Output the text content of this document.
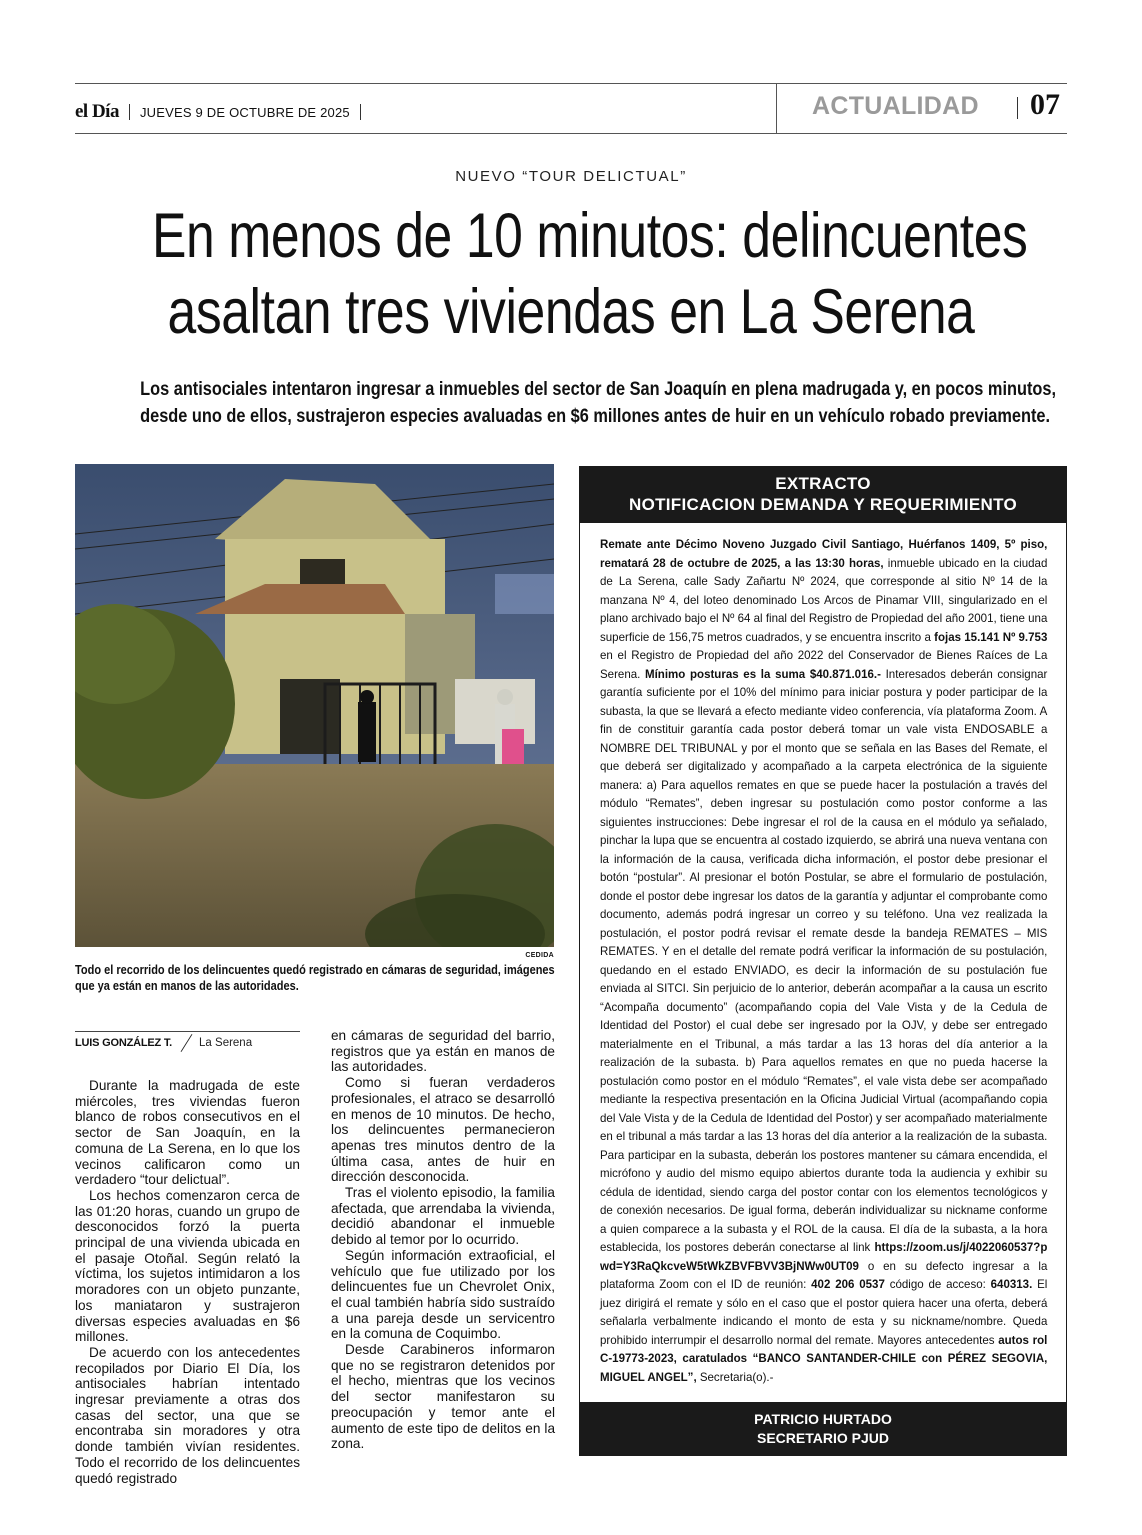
el Día JUEVES 9 DE OCTUBRE DE 2025	ACTUALIDAD 07
NUEVO “TOUR DELICTUAL”
En menos de 10 minutos: delincuentes
asaltan tres viviendas en La Serena
Los antisociales intentaron ingresar a inmuebles del sector de San Joaquín en plena madrugada y, en pocos minutos,
desde uno de ellos, sustrajeron especies avaluadas en $6 millones antes de huir en un vehículo robado previamente.
CEDIDA
Todo el recorrido de los delincuentes quedó registrado en cámaras de seguridad, imágenes
que ya están en manos de las autoridades.
LUIS GONZÁLEZ T. La Serena

Durante la madrugada de este miércoles, tres viviendas fueron blanco de robos consecutivos en el sector de San Joaquín, en la comuna de La Serena, en lo que los vecinos calificaron como un verdadero “tour delictual”.

Los hechos comenzaron cerca de las 01:20 horas, cuando un grupo de desconocidos forzó la puerta principal de una vivienda ubicada en el pasaje Otoñal. Según relató la víctima, los sujetos intimidaron a los moradores con un objeto punzante, los maniataron y sustrajeron diversas especies avaluadas en $6 millones.

De acuerdo con los antecedentes recopilados por Diario El Día, los antisociales habrían intentado ingresar previamente a otras dos casas del sector, una que se encontraba sin moradores y otra donde también vivían residentes. Todo el recorrido de los delincuentes quedó registrado

en cámaras de seguridad del barrio, registros que ya están en manos de las autoridades.

Como si fueran verdaderos profesionales, el atraco se desarrolló en menos de 10 minutos. De hecho, los delincuentes permanecieron apenas tres minutos dentro de la última casa, antes de huir en dirección desconocida.

Tras el violento episodio, la familia afectada, que arrendaba la vivienda, decidió abandonar el inmueble debido al temor por lo ocurrido.

Según información extraoficial, el vehículo que fue utilizado por los delincuentes fue un Chevrolet Onix, el cual también habría sido sustraído a una pareja desde un servicentro en la comuna de Coquimbo.

Desde Carabineros informaron que no se registraron detenidos por el hecho, mientras que los vecinos del sector manifestaron su preocupación y temor ante el aumento de este tipo de delitos en la zona.

EXTRACTO
NOTIFICACION DEMANDA Y REQUERIMIENTO
Remate ante Décimo Noveno Juzgado Civil Santiago, Huérfanos 1409, 5º piso, rematará 28 de octubre de 2025, a las 13:30 horas, inmueble ubicado en la ciudad de La Serena, calle Sady Zañartu Nº 2024, que corresponde al sitio Nº 14 de la manzana Nº 4, del loteo denominado Los Arcos de Pinamar VIII, singularizado en el plano archivado bajo el Nº 64 al final del Registro de Propiedad del año 2001, tiene una superficie de 156,75 metros cuadrados, y se encuentra inscrito a fojas 15.141 Nº 9.753 en el Registro de Propiedad del año 2022 del Conservador de Bienes Raíces de La Serena. Mínimo posturas es la suma $40.871.016.- Interesados deberán consignar garantía suficiente por el 10% del mínimo para iniciar postura y poder participar de la subasta, la que se llevará a efecto mediante video conferencia, vía plataforma Zoom. A fin de constituir garantía cada postor deberá tomar un vale vista ENDOSABLE a NOMBRE DEL TRIBUNAL y por el monto que se señala en las Bases del Remate, el que deberá ser digitalizado y acompañado a la carpeta electrónica de la siguiente manera: a) Para aquellos remates en que se puede hacer la postulación a través del módulo “Remates”, deben ingresar su postulación como postor conforme a las siguientes instrucciones: Debe ingresar el rol de la causa en el módulo ya señalado, pinchar la lupa que se encuentra al costado izquierdo, se abrirá una nueva ventana con la información de la causa, verificada dicha información, el postor debe presionar el botón “postular”. Al presionar el botón Postular, se abre el formulario de postulación, donde el postor debe ingresar los datos de la garantía y adjuntar el comprobante como documento, además podrá ingresar un correo y su teléfono. Una vez realizada la postulación, el postor podrá revisar el remate desde la bandeja REMATES – MIS REMATES. Y en el detalle del remate podrá verificar la información de su postulación, quedando en el estado ENVIADO, es decir la información de su postulación fue enviada al SITCI. Sin perjuicio de lo anterior, deberán acompañar a la causa un escrito “Acompaña documento” (acompañando copia del Vale Vista y de la Cedula de Identidad del Postor) el cual debe ser ingresado por la OJV, y debe ser entregado materialmente en el Tribunal, a más tardar a las 13 horas del día anterior a la realización de la subasta. b) Para aquellos remates en que no pueda hacerse la postulación como postor en el módulo “Remates”, el vale vista debe ser acompañado mediante la respectiva presentación en la Oficina Judicial Virtual (acompañando copia del Vale Vista y de la Cedula de Identidad del Postor) y ser acompañado materialmente en el tribunal a más tardar a las 13 horas del día anterior a la realización de la subasta. Para participar en la subasta, deberán los postores mantener su cámara encendida, el micrófono y audio del mismo equipo abiertos durante toda la audiencia y exhibir su cédula de identidad, siendo carga del postor contar con los elementos tecnológicos y de conexión necesarios. De igual forma, deberán individualizar su nickname conforme a quien comparece a la subasta y el ROL de la causa. El día de la subasta, a la hora establecida, los postores deberán conectarse al link https://zoom.us/j/4022060537?pwd=Y3RaQkcveW5tWkZBVFBVV3BjNWw0UT09 o en su defecto ingresar a la plataforma Zoom con el ID de reunión: 402 206 0537 código de acceso: 640313. El juez dirigirá el remate y sólo en el caso que el postor quiera hacer una oferta, deberá señalarla verbalmente indicando el monto de esta y su nickname/nombre. Queda prohibido interrumpir el desarrollo normal del remate. Mayores antecedentes autos rol C-19773-2023, caratulados “BANCO SANTANDER-CHILE con PÉREZ SEGOVIA, MIGUEL ANGEL”, Secretaria(o).-
PATRICIO HURTADO
SECRETARIO PJUD
